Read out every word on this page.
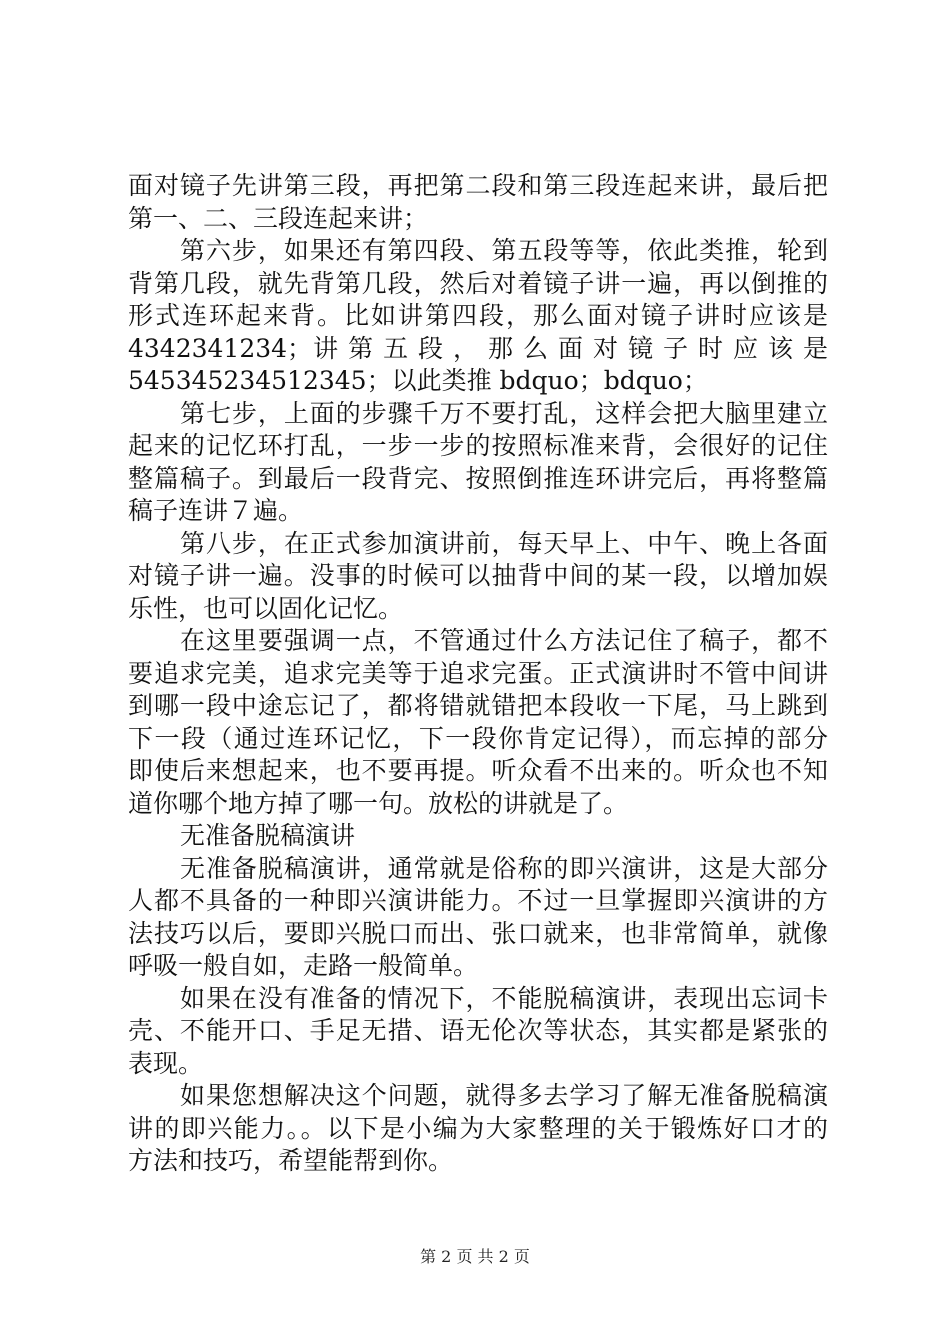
面对镜子先讲第三段，再把第二段和第三段连起来讲，最后把
第一、二、三段连起来讲；
第六步，如果还有第四段、第五段等等，依此类推，轮到
背第几段，就先背第几段，然后对着镜子讲一遍，再以倒推的
形式连环起来背。比如讲第四段，那么面对镜子讲时应该是
4342341234；讲 第 五 段 ， 那 么 面 对 镜 子 时 应 该 是
545345234512345；以此类推 bdquo；bdquo；
第七步，上面的步骤千万不要打乱，这样会把大脑里建立
起来的记忆环打乱，一步一步的按照标准来背，会很好的记住
整篇稿子。到最后一段背完、按照倒推连环讲完后，再将整篇
稿子连讲７遍。
第八步，在正式参加演讲前，每天早上、中午、晚上各面
对镜子讲一遍。没事的时候可以抽背中间的某一段，以增加娱
乐性，也可以固化记忆。
在这里要强调一点，不管通过什么方法记住了稿子，都不
要追求完美，追求完美等于追求完蛋。正式演讲时不管中间讲
到哪一段中途忘记了，都将错就错把本段收一下尾，马上跳到
下一段（通过连环记忆，下一段你肯定记得），而忘掉的部分
即使后来想起来，也不要再提。听众看不出来的。听众也不知
道你哪个地方掉了哪一句。放松的讲就是了。
无准备脱稿演讲
无准备脱稿演讲，通常就是俗称的即兴演讲，这是大部分
人都不具备的一种即兴演讲能力。不过一旦掌握即兴演讲的方
法技巧以后，要即兴脱口而出、张口就来，也非常简单，就像
呼吸一般自如，走路一般简单。
如果在没有准备的情况下，不能脱稿演讲，表现出忘词卡
壳、不能开口、手足无措、语无伦次等状态，其实都是紧张的
表现。
如果您想解决这个问题，就得多去学习了解无准备脱稿演
讲的即兴能力。。以下是小编为大家整理的关于锻炼好口才的
方法和技巧，希望能帮到你。
第 2 页 共 2 页
